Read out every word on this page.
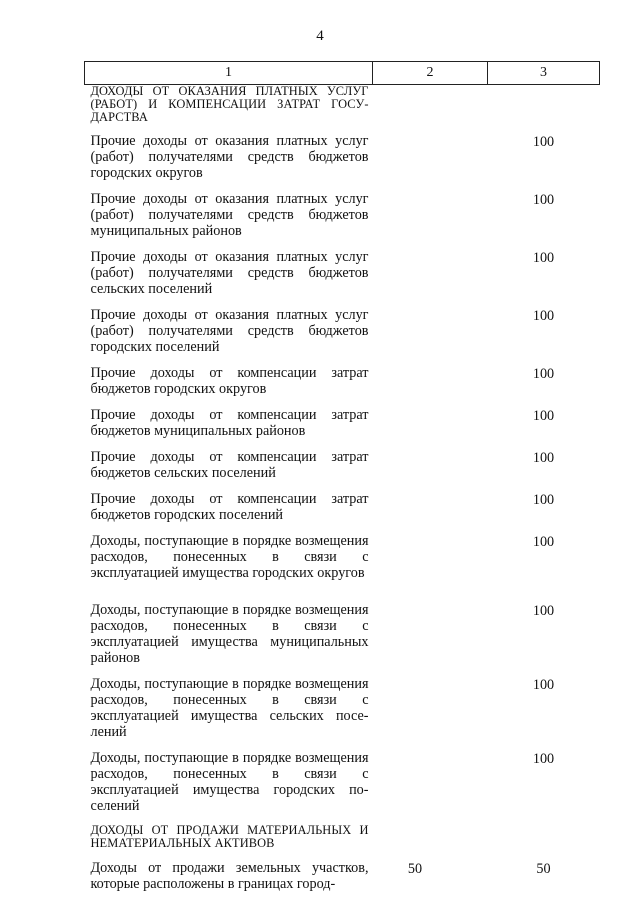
4
1	2	3
ДОХОДЫ ОТ ОКАЗАНИЯ ПЛАТНЫХ УСЛУГ (РАБОТ) И КОМПЕНСАЦИИ ЗАТРАТ ГОСУДАРСТВА		
Прочие доходы от оказания платных услуг (работ) получателями средств бюджетов городских округов		100
Прочие доходы от оказания платных услуг (работ) получателями средств бюджетов муниципальных районов		100
Прочие доходы от оказания платных услуг (работ) получателями средств бюджетов сельских поселений		100
Прочие доходы от оказания платных услуг (работ) получателями средств бюджетов городских поселений		100
Прочие доходы от компенсации затрат бюджетов городских округов		100
Прочие доходы от компенсации затрат бюджетов муниципальных районов		100
Прочие доходы от компенсации затрат бюджетов сельских поселений		100
Прочие доходы от компенсации затрат бюджетов городских поселений		100
Доходы, поступающие в порядке возмещения расходов, понесенных в связи с эксплуатацией имущества городских округов		100
Доходы, поступающие в порядке возмещения расходов, понесенных в связи с эксплуатацией имущества муниципальных районов		100
Доходы, поступающие в порядке возмещения расходов, понесенных в связи с эксплуатацией имущества сельских поселений		100
Доходы, поступающие в порядке возмещения расходов, понесенных в связи с эксплуатацией имущества городских поселений		100
ДОХОДЫ ОТ ПРОДАЖИ МАТЕРИАЛЬНЫХ И НЕМАТЕРИАЛЬНЫХ АКТИВОВ		
Доходы от продажи земельных участков, которые расположены в границах город-	50	50
